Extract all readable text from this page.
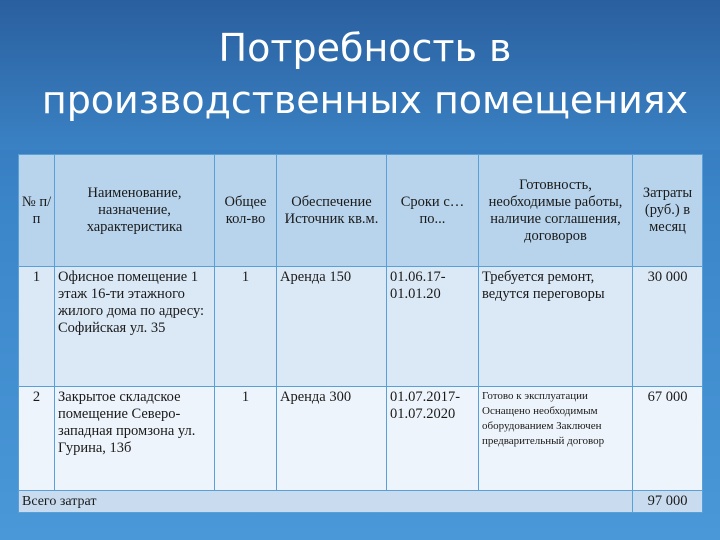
Потребность в производственных помещениях
№ п/п	Наименование, назначение, характеристика	Общее кол-во	Обеспечение Источник кв.м.	Сроки с… по...	Готовность, необходимые работы, наличие соглашения, договоров	Затраты (руб.) в месяц
1	Офисное помещение 1 этаж 16-ти этажного жилого дома по адресу: Софийская ул. 35	1	Аренда 150	01.06.17-01.01.20	Требуется ремонт, ведутся переговоры	30 000
2	Закрытое складское помещение Северо-западная промзона ул. Гурина, 13б	1	Аренда 300	01.07.2017-01.07.2020	Готово к эксплуатации Оснащено необходимым оборудованием Заключен предварительный договор	67 000
Всего затрат						97 000
